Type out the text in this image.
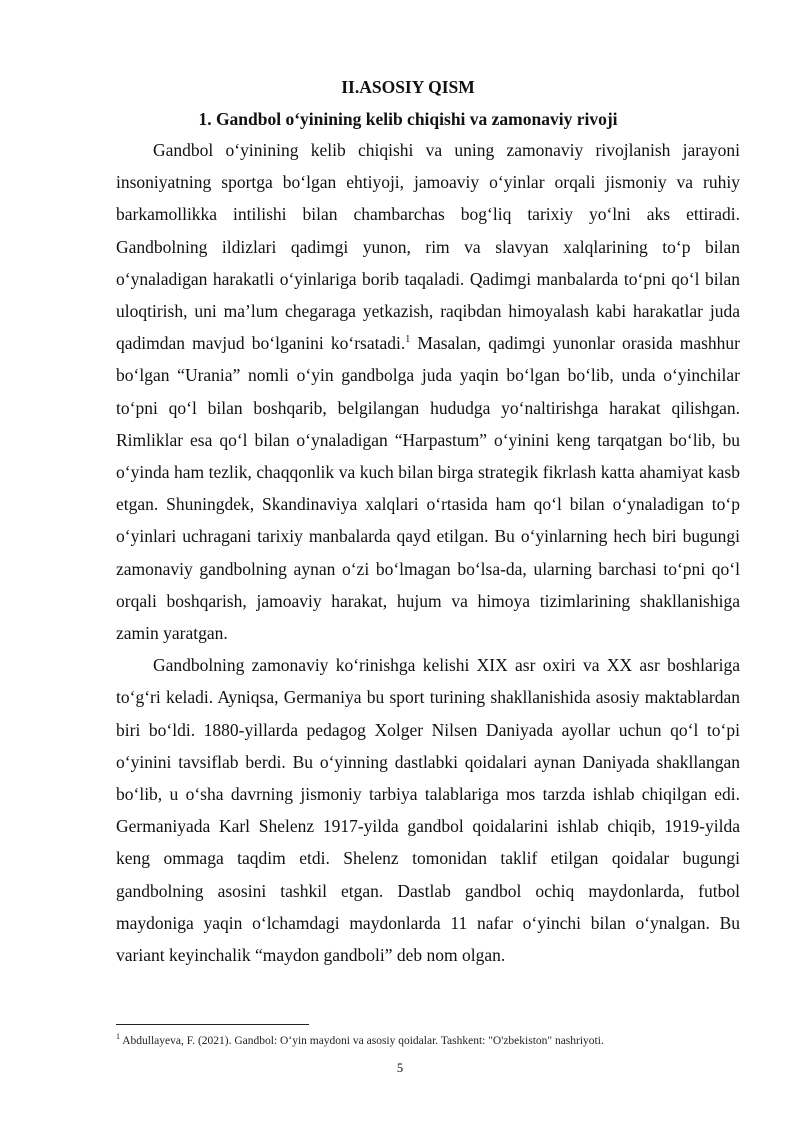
II.ASOSIY QISM
1. Gandbol o‘yinining kelib chiqishi va zamonaviy rivoji

Gandbol o‘yinining kelib chiqishi va uning zamonaviy rivojlanish jarayoni insoniyatning sportga bo‘lgan ehtiyoji, jamoaviy o‘yinlar orqali jismoniy va ruhiy barkamollikka intilishi bilan chambarchas bog‘liq tarixiy yo‘lni aks ettiradi. Gandbolning ildizlari qadimgi yunon, rim va slavyan xalqlarining to‘p bilan o‘ynaladigan harakatli o‘yinlariga borib taqaladi. Qadimgi manbalarda to‘pni qo‘l bilan uloqtirish, uni ma’lum chegaraga yetkazish, raqibdan himoyalash kabi harakatlar juda qadimdan mavjud bo‘lganini ko‘rsatadi.$^1$ Masalan, qadimgi yunonlar orasida mashhur bo‘lgan “Urania” nomli o‘yin gandbolga juda yaqin bo‘lgan bo‘lib, unda o‘yinchilar to‘pni qo‘l bilan boshqarib, belgilangan hududga yo‘naltirishga harakat qilishgan. Rimliklar esa qo‘l bilan o‘ynaladigan “Harpastum” o‘yinini keng tarqatgan bo‘lib, bu o‘yinda ham tezlik, chaqqonlik va kuch bilan birga strategik fikrlash katta ahamiyat kasb etgan. Shuningdek, Skandinaviya xalqlari o‘rtasida ham qo‘l bilan o‘ynaladigan to‘p o‘yinlari uchragani tarixiy manbalarda qayd etilgan. Bu o‘yinlarning hech biri bugungi zamonaviy gandbolning aynan o‘zi bo‘lmagan bo‘lsa-da, ularning barchasi to‘pni qo‘l orqali boshqarish, jamoaviy harakat, hujum va himoya tizimlarining shakllanishiga zamin yaratgan.

Gandbolning zamonaviy ko‘rinishga kelishi XIX asr oxiri va XX asr boshlariga to‘g‘ri keladi. Ayniqsa, Germaniya bu sport turining shakllanishida asosiy maktablardan biri bo‘ldi. 1880-yillarda pedagog Xolger Nilsen Daniyada ayollar uchun qo‘l to‘pi o‘yinini tavsiflab berdi. Bu o‘yinning dastlabki qoidalari aynan Daniyada shakllangan bo‘lib, u o‘sha davrning jismoniy tarbiya talablariga mos tarzda ishlab chiqilgan edi. Germaniyada Karl Shelenz 1917-yilda gandbol qoidalarini ishlab chiqib, 1919-yilda keng ommaga taqdim etdi. Shelenz tomonidan taklif etilgan qoidalar bugungi gandbolning asosini tashkil etgan. Dastlab gandbol ochiq maydonlarda, futbol maydoniga yaqin o‘lchamdagi maydonlarda 11 nafar o‘yinchi bilan o‘ynalgan. Bu variant keyinchalik “maydon gandboli” deb nom olgan.

$^1$ Abdullayeva, F. (2021). Gandbol: O‘yin maydoni va asosiy qoidalar. Tashkent: "O'zbekiston" nashriyoti.
5
